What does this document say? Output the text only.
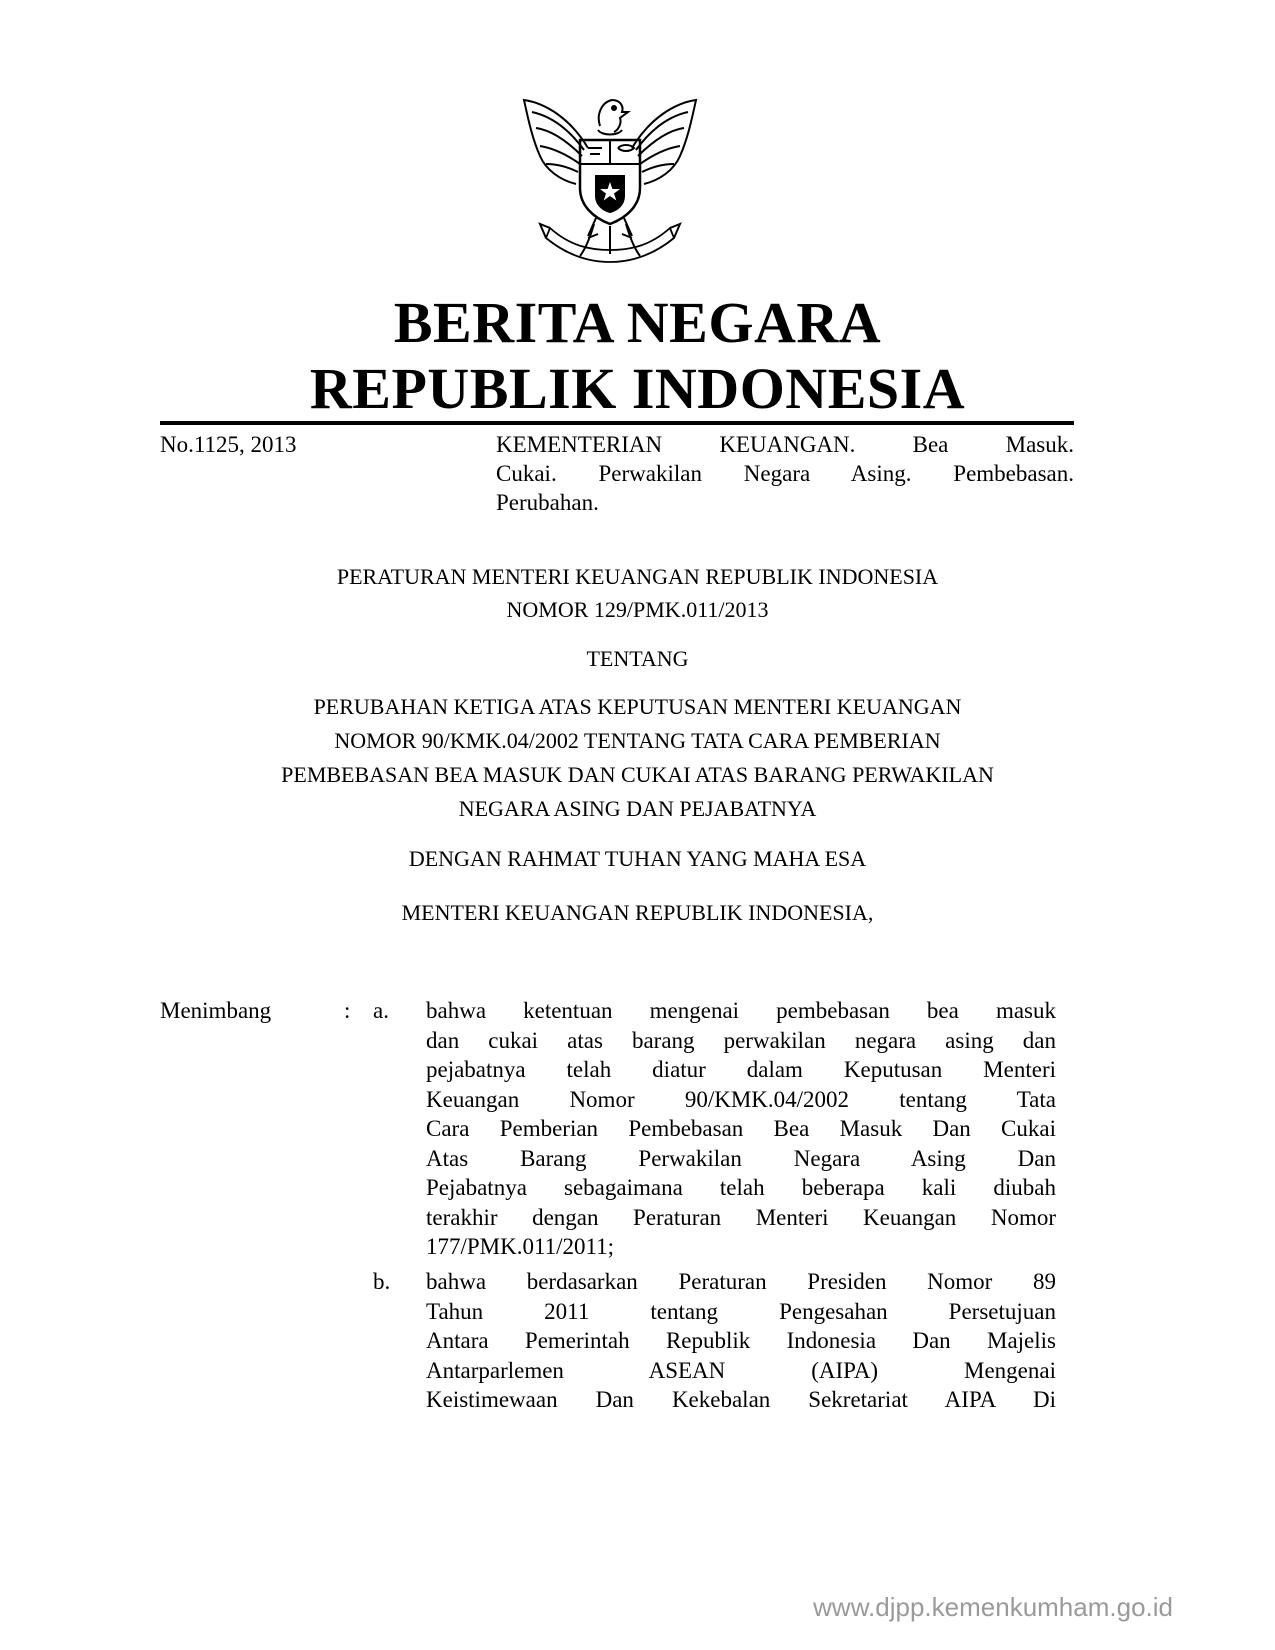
BERITA NEGARA
REPUBLIK INDONESIA
No.1125, 2013	KEMENTERIAN KEUANGAN. Bea Masuk.
Cukai. Perwakilan Negara Asing. Pembebasan.
Perubahan.
PERATURAN MENTERI KEUANGAN REPUBLIK INDONESIA
NOMOR 129/PMK.011/2013
TENTANG
PERUBAHAN KETIGA ATAS KEPUTUSAN MENTERI KEUANGAN
NOMOR 90/KMK.04/2002 TENTANG TATA CARA PEMBERIAN
PEMBEBASAN BEA MASUK DAN CUKAI ATAS BARANG PERWAKILAN
NEGARA ASING DAN PEJABATNYA
DENGAN RAHMAT TUHAN YANG MAHA ESA
MENTERI KEUANGAN REPUBLIK INDONESIA,
Menimbang	: a. bahwa ketentuan mengenai pembebasan bea masuk
dan cukai atas barang perwakilan negara asing dan
pejabatnya telah diatur dalam Keputusan Menteri
Keuangan Nomor 90/KMK.04/2002 tentang Tata
Cara Pemberian Pembebasan Bea Masuk Dan Cukai
Atas Barang Perwakilan Negara Asing Dan
Pejabatnya sebagaimana telah beberapa kali diubah
terakhir dengan Peraturan Menteri Keuangan Nomor
177/PMK.011/2011;
b. bahwa berdasarkan Peraturan Presiden Nomor 89
Tahun 2011 tentang Pengesahan Persetujuan
Antara Pemerintah Republik Indonesia Dan Majelis
Antarparlemen ASEAN (AIPA) Mengenai
Keistimewaan Dan Kekebalan Sekretariat AIPA Di
www.djpp.kemenkumham.go.id
